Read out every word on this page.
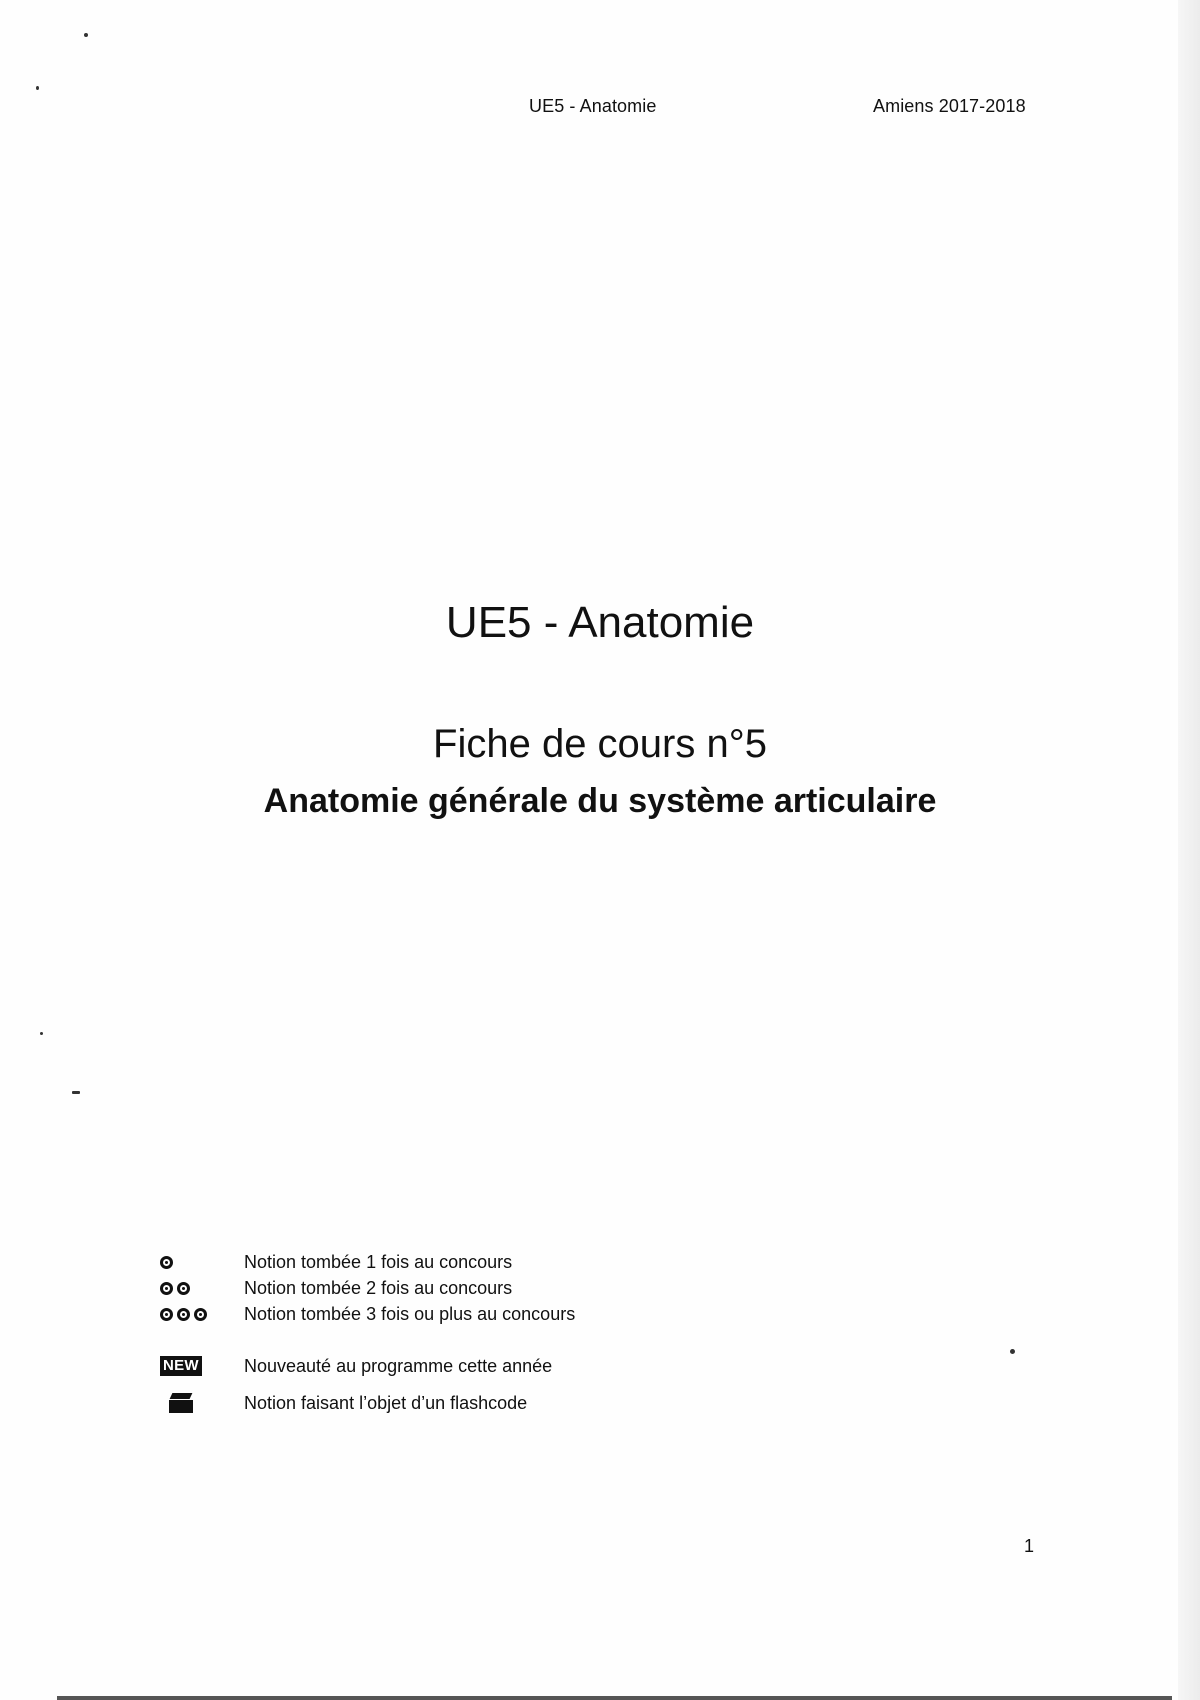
UE5 - Anatomie	Amiens 2017-2018
UE5 - Anatomie
Fiche de cours n°5
Anatomie générale du système articulaire
Notion tombée 1 fois au concours
Notion tombée 2 fois au concours
Notion tombée 3 fois ou plus au concours
NEW	Nouveauté au programme cette année
Notion faisant l’objet d’un flashcode
1
